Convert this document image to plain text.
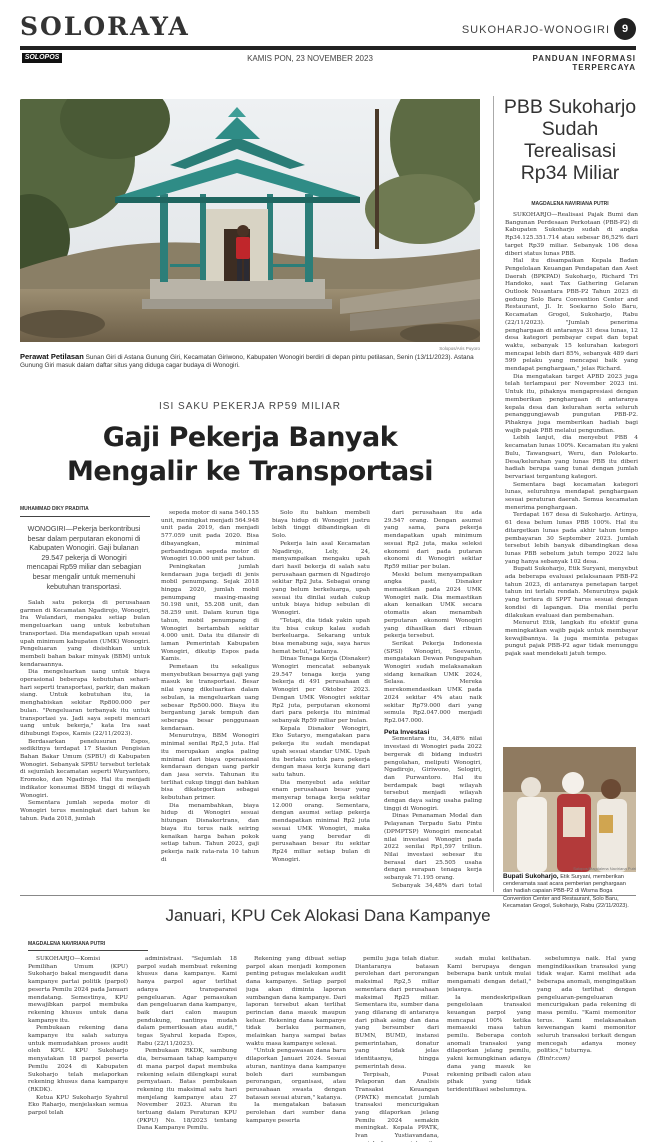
SOLORAYA	SUKOHARJO-WONOGIRI	9
SOLOPOS	KAMIS PON, 23 NOVEMBER 2023	PANDUAN INFORMASI TERPERCAYA
Solopos/Aris Puyoro
Perawat Petilasan Sunan Giri di Astana Gunung Giri, Kecamatan Giriwono, Kabupaten Wonogiri berdiri di depan pintu petilasan, Senin (13/11/2023). Astana Gunung Giri masuk dalam daftar situs yang diduga cagar budaya di Wonogiri.
ISI SAKU PEKERJA RP59 MILIAR
Gaji Pekerja Banyak
Mengalir ke Transportasi
MUHAMMAD DIKY PRADITIA
WONOGIRI—Pekerja berkontribusi besar dalam perputaran ekonomi di Kabupaten Wonogiri. Gaji bulanan 29.547 pekerja di Wonogiri mencapai Rp59 miliar dan sebagian besar mengalir untuk memenuhi kebutuhan transportasi.

Salah satu pekerja di perusahaan garmen di Kecamatan Ngadirojo, Wonogiri, Ira Wulandari, mengaku setiap bulan mengeluarkan uang untuk kebutuhan transportasi. Dia mendapatkan upah sesuai upah minimum kabupaten (UMK) Wonogiri. Pengeluaran yang disisihkan untuk membeli bahan bakar minyak (BBM) untuk kendaraannya.

Dia mengeluarkan uang untuk biaya operasional beberapa kebutuhan sehari-hari seperti transportasi, parkir, dan makan siang. Untuk kebutuhan itu, ia menghabiskan sekitar Rp800.000 per bulan. "Pengeluaran terbanyak itu untuk transportasi ya. Jadi saya sepeti mencari uang untuk bekerja," kata Ira saat dihubungi Espos, Kamis (22/11/2023).

Berdasarkan penelusuran Espos, sedikitnya terdapat 17 Stasiun Pengisian Bahan Bakar Umum (SPBU) di Kabupaten Wonogiri. Sebanyak SPBU tersebut terletak di sejumlah kecamatan seperti Wuryantoro, Eromoko, dan Ngadirojo. Hal itu menjadi indikator konsumsi BBM tinggi di wilayah Wonogiri.

Sementara jumlah sepeda motor di Wonogiri terus meningkat dari tahun ke tahun. Pada 2018, jumlah

sepeda motor di sana 540.155 unit, meningkat menjadi 564.948 unit pada 2019, dan menjadi 577.059 unit pada 2020. Bisa dibayangkan, minimal perbandingan sepeda motor di Wonogiri 10.000 unit per tahun.

Peningkatan jumlah kendaraan juga terjadi di jenis mobil penumpang. Sejak 2018 hingga 2020, jumlah mobil penumpang masing-masing 50.198 unit, 55.208 unit, dan 58.259 unit. Dalam kurun tiga tahun, mobil penumpang di Wonogiri bertambah sekitar 4.000 unit. Data itu dilansir di laman Pemerintah Kabupaten Wonogiri, dikutip Espos pada Kamis.

Pemetaan itu sekaligus menyebutkan besarnya gaji yang masuk ke transportasi. Besar nilai yang dikeluarkan dalam sebulan, ia mengeluarkan uang sebesar Rp500.000. Biaya itu bergantung jarak tempuh dan seberapa besar penggunaan kendaraan.

Menurutnya, BBM Wonogiri minimal senilai Rp2,5 juta. Hal itu merupakan angka paling minimal dari biaya operasional kendaraan dengan uang parkir dan jasa servis. Tahunan itu terlihat cukup tinggi dan bahkan bisa dikategorikan sebagai kebutuhan primer.

Dia menambahkan, biaya hidup di Wonogiri sesuai hitungan Disnakertrans, dan biaya itu terus naik seiring kenaikan harga bahan pokok setiap tahun. Tahun 2023, gaji pekerja naik rata-rata 10 tahun di

Solo itu bahkan membeli biaya hidup di Wonogiri justru lebih tinggi dibandingkan di Solo.

Pekerja lain asal Kecamatan Ngadirojo, Lely, 24, menyampaikan mengaku upah dari hasil bekerja di salah satu perusahaan garmen di Ngadirojo sekitar Rp2 Juta. Sebagai orang yang belum berkeluarga, upah sesuai itu dinilai sudah cukup untuk biaya hidup sebulan di Wonogiri.

"Tetapi, dia tidak yakin upah itu bisa cukup kalau sudah berkeluarga. Sekarang untuk bisa menabung saja, saya harus hemat betul," katanya.

Dinas Tenaga Kerja (Disnaker) Wonogiri mencatat sebanyak 29.547 tenaga kerja yang bekerja di 491 perusahaan di Wonogiri per Oktober 2023. Dengan UMK Wonogiri sekitar Rp2 juta, perputaran ekonomi dari para pekerja itu minimal sebanyak Rp59 miliar per bulan.

Kepala Disnaker Wonogiri, Eko Sutaryo, mengatakan para pekerja itu sudah mendapat upah sesuai standar UMK. Upah itu berlaku untuk para pekerja dengan masa kerja kurang dari satu tahun.

Dia menyebut ada sekitar enam perusahaan besar yang menyerap tenaga kerja sekitar 12.000 orang. Sementara, dengan asumsi setiap pekerja mendapatkan minimal Rp2 juta sesuai UMK Wonogiri, maka uang yang beredar di perusahaan besar itu sekitar Rp24 miliar setiap bulan di Wonogiri.

dari perusahaan itu ada 29.547 orang. Dengan asumsi yang sama, para pekerja mendapatkan upah minimum sesuai Rp2 juta, maka seleksi ekonomi dari pada putaran ekonomi di Wonogiri sekitar Rp59 miliar per bulan.

Meski belum menyampaikan angka pasti, Disnaker memastikan pada 2024 UMK Wonogiri naik. Dia memastikan akan kenaikan UMK secara otomatis akan menambah perputaran ekonomi Wonogiri yang dihasilkan dari ribuan pekerja tersebut.

Serikat Pekerja Indonesia (SPSI) Wonogiri, Seevanto, mengatakan Dewan Pengupahan Wonogiri sudah melaksanakan sidang kenaikan UMK 2024, Selasa. Mereka merekomendasikan UMK pada 2024 sekitar 4% atau naik sekitar Rp79.000 dari yang semula Rp2.047.000 menjadi Rp2.047.000.

Peta Investasi

Sementara itu, 34,48% nilai investasi di Wonogiri pada 2022 bergerak di bidang industri pengolahan, meliputi Wonogiri, Ngadirojo, Giriwono, Selogiri, dan Purwantoro. Hal itu berdampak bagi wilayah tersebut menjadi wilayah dengan daya saing usaha paling tinggi di Wonogiri.

Dinas Penanaman Modal dan Pelayanan Terpadu Satu Pintu (DPMPTSP) Wonogiri mencatat nilai investasi Wonogiri pada 2022 senilai Rp1,597 triliun. Nilai investasi sebesar itu berasal dari 25.505 usaha dengan serapan tenaga kerja sebanyak 71.195 orang.

Sebanyak 34,48% dari total

PBB Sukoharjo
Sudah
Terealisasi
Rp34 Miliar
MAGDALENA NAVIRIANA PUTRI

SUKOHARJO—Realisasi Pajak Bumi dan Bangunan Perdesaan Perkotaan (PBB-P2) di Kabupaten Sukoharjo sudah di angka Rp34.125.351.714 atau sebesar 86,52% dari target Rp39 miliar. Sebanyak 106 desa diberi status lunas PBB.

Hal itu disampaikan Kepala Badan Pengelolaan Keuangan Pendapatan dan Aset Daerah (BPKPAD) Sukoharjo, Richard Tri Handoko, saat Tax Gathering Gelaran Outlook Nusantara PBB-P2 Tahun 2023 di gedung Solo Baru Convention Center and Restaurant, Jl. Ir. Soekarno Solo Baru, Kecamatan Grogol, Sukoharjo, Rabu (22/11/2023). "Jumlah penerima penghargaan di antaranya 31 desa lunas, 12 desa kategori pembayar cepat dan tepat waktu, sebanyak 15 kelurahan kategori mencapai lebih dari 85%, sebanyak 489 dari 599 pelaku yang mencapai baik yang mendapat penghargaan," jelas Richard.

Dia mengatakan target APBD 2023 juga telah terlampaui per November 2023 ini. Untuk itu, pihaknya mengapresiasi dengan memberikan penghargaan di antaranya kepala desa dan kelurahan serta seluruh penanggungjawab pungutan PBB-P2. Pihaknya juga memberikan hadiah bagi wajib pajak PBB melalui pengundian.

Lebih lanjut, dia menyebut PBB 4 kecamatan lunas 100%. Kecamatan itu yakni Bulu, Tawangsari, Weru, dan Polokarto. Desa/kelurahan yang lunas PBB itu diberi hadiah berupa uang tunai dengan jumlah bervariasi tergantung kategori.

Sementara bagi kecamatan kategori lunas, seluruhnya mendapat penghargaan sesuai peraturan daerah. Semua kecamatan menerima penghargaan.

Terdapat 167 desa di Sukoharjo. Artinya, 61 desa belum lunas PBB 100%. Hal itu ditargetkan lunas pada akhir tahun tempo pembayaran 30 September 2023. Jumlah tersebut lebih banyak dibandingkan desa lunas PBB sebelum jatuh tempo 2022 lalu yang hanya sebanyak 102 desa.

Bupati Sukoharjo, Etik Suryani, menyebut ada beberapa evaluasi pelaksanaan PBB-P2 tahun 2023, di antaranya penetapan target tahun ini terlalu rendah. Menurutnya pajak yang tertera di SPPT harus sesuai dengan kondisi di lapangan. Dia menilai perlu dilakukan evaluasi dan pembenahan.

Menurut Etik, langkah itu efektif guna meningkatkan wajib pajak untuk membayar kewajibannya. Ia juga meminta petugas pungut pajak PBB-P2 agar tidak menunggu pajak saat mendekati jatuh tempo.

Solopos/Magdalena Naviriana Putri
Bupati Sukoharjo, Etik Suryani, memberikan cenderamata saat acara pemberian penghargaan dan hadiah capaian PBB-P2 di Wisma Boga Convention Center and Restaurant, Solo Baru, Kecamatan Grogol, Sukoharjo, Rabu (22/11/2023).
Januari, KPU Cek Alokasi Dana Kampanye
MAGDALENA NAVIRIANA PUTRI

SUKOHARJO—Komisi Pemilihan Umum (KPU) Sukoharjo bakal mengaudit dana kampanye partai politik (parpol) peserta Pemilu 2024 pada Januari mendatang. Semestinya, KPU mewajibkan parpol membuka rekening khusus untuk dana kampanye itu.

Pembukaan rekening dana kampanye itu salah satunya untuk memudahkan proses audit oleh KPU. KPU Sukoharjo menyatakan 18 parpol peserta Pemilu 2024 di Kabupaten Sukoharjo telah melaporkan rekening khusus dana kampanye (RKDK).

Ketua KPU Sukoharjo Syahrul Eko Raharjo, menjelaskan semua parpol telah

administrasi. "Sejumlah 18 parpol sudah membuat rekening khusus dana kampanye. Kami hanya parpol agar terlihat adanya transparansi pengeluaran. Agar pemasukan dan pengeluaran dana kampanye, baik dari calon maupun pendukung, nantinya mudah dalam pemeriksaan atau audit," tegas Syahrul kepada Espos, Rabu (22/11/2023).

Pembukaan RKDK, sambung dia, bersamaan tahap kampanye di mana parpol dapat membuka rekening selain dilengkapi surat pernyataan. Batas pembukaan rekening itu maksimal satu hari menjelang kampanye atau 27 November 2023. Aturan itu tertuang dalam Peraturan KPU (PKPU) No. 18/2023 tentang Dana Kampanye Pemilu.

Rekening yang dibuat setiap parpol akan menjadi komponen penting petugas melakukan audit dana kampanye. Setiap parpol juga akan diminta laporan sumbangan dana kampanye. Dari laporan tersebut akan terlihat perincian dana masuk maupun keluar. Rekening dana kampanye tidak berlaku permanen, melainkan hanya sampai batas waktu masa kampanye selesai.

"Untuk pengawasan dana baru dilaporkan Januari 2024. Sesuai aturan, nantinya dana kampanye boleh dari sumbangan perorangan, organisasi, atau perusahaan swasta dengan batasan sesuai aturan," katanya.

Ia mengatakan batasan perolehan dari sumber dana kampanye peserta

pemilu juga telah diatur. Diantaranya batasan perolehan dari perorangan maksimal Rp2,5 miliar sementara dari perusahaan maksimal Rp25 miliar. Sementara itu, sumber dana yang dilarang di antaranya dari pihak asing dan dana yang bersumber dari BUMN, BUMD, instansi pemerintahan, donatur yang tidak jelas identitasnya, hingga pemerintah desa.

Terpisah, Pusat Pelaporan dan Analisis Transaksi Keuangan (PPATK) mencatat jumlah transaksi mencurigakan yang dilaporkan jelang Pemilu 2024 semakin meningkat. Kepala PPATK, Ivan Yustiavandana,

sudah mulai kelihatan. Kami berupaya dengan beberapa bank untuk mulai mengamati dengan detail," jelasnya.

Ia mendeskripsikan pengelolaan transaksi keuangan parpol yang mencapai 100% ketika memasuki masa tahun pemilu. Beberapa contoh anomali transaksi yang dilaporkan jelang pemilu, yakni kemungkinan adanya dana yang masuk ke rekening pribadi calon atau pihak yang tidak teridentifikasi sebelumnya.

sebelumnya naik. Hal yang mengindikasikan transaksi yang tidak wajar. Kami melihat ada beberapa anomali, mengingatkan yang ada terlihat dengan pengeluaran-pengeluaran mencurigakan pada rekening di masa pemilu. "Kami memonitor terus. Kami melaksanakan kewenangan kami memonitor seluruh transaksi terkait dengan mencegah adanya money politics," tuturnya.

(Bintr.com)
